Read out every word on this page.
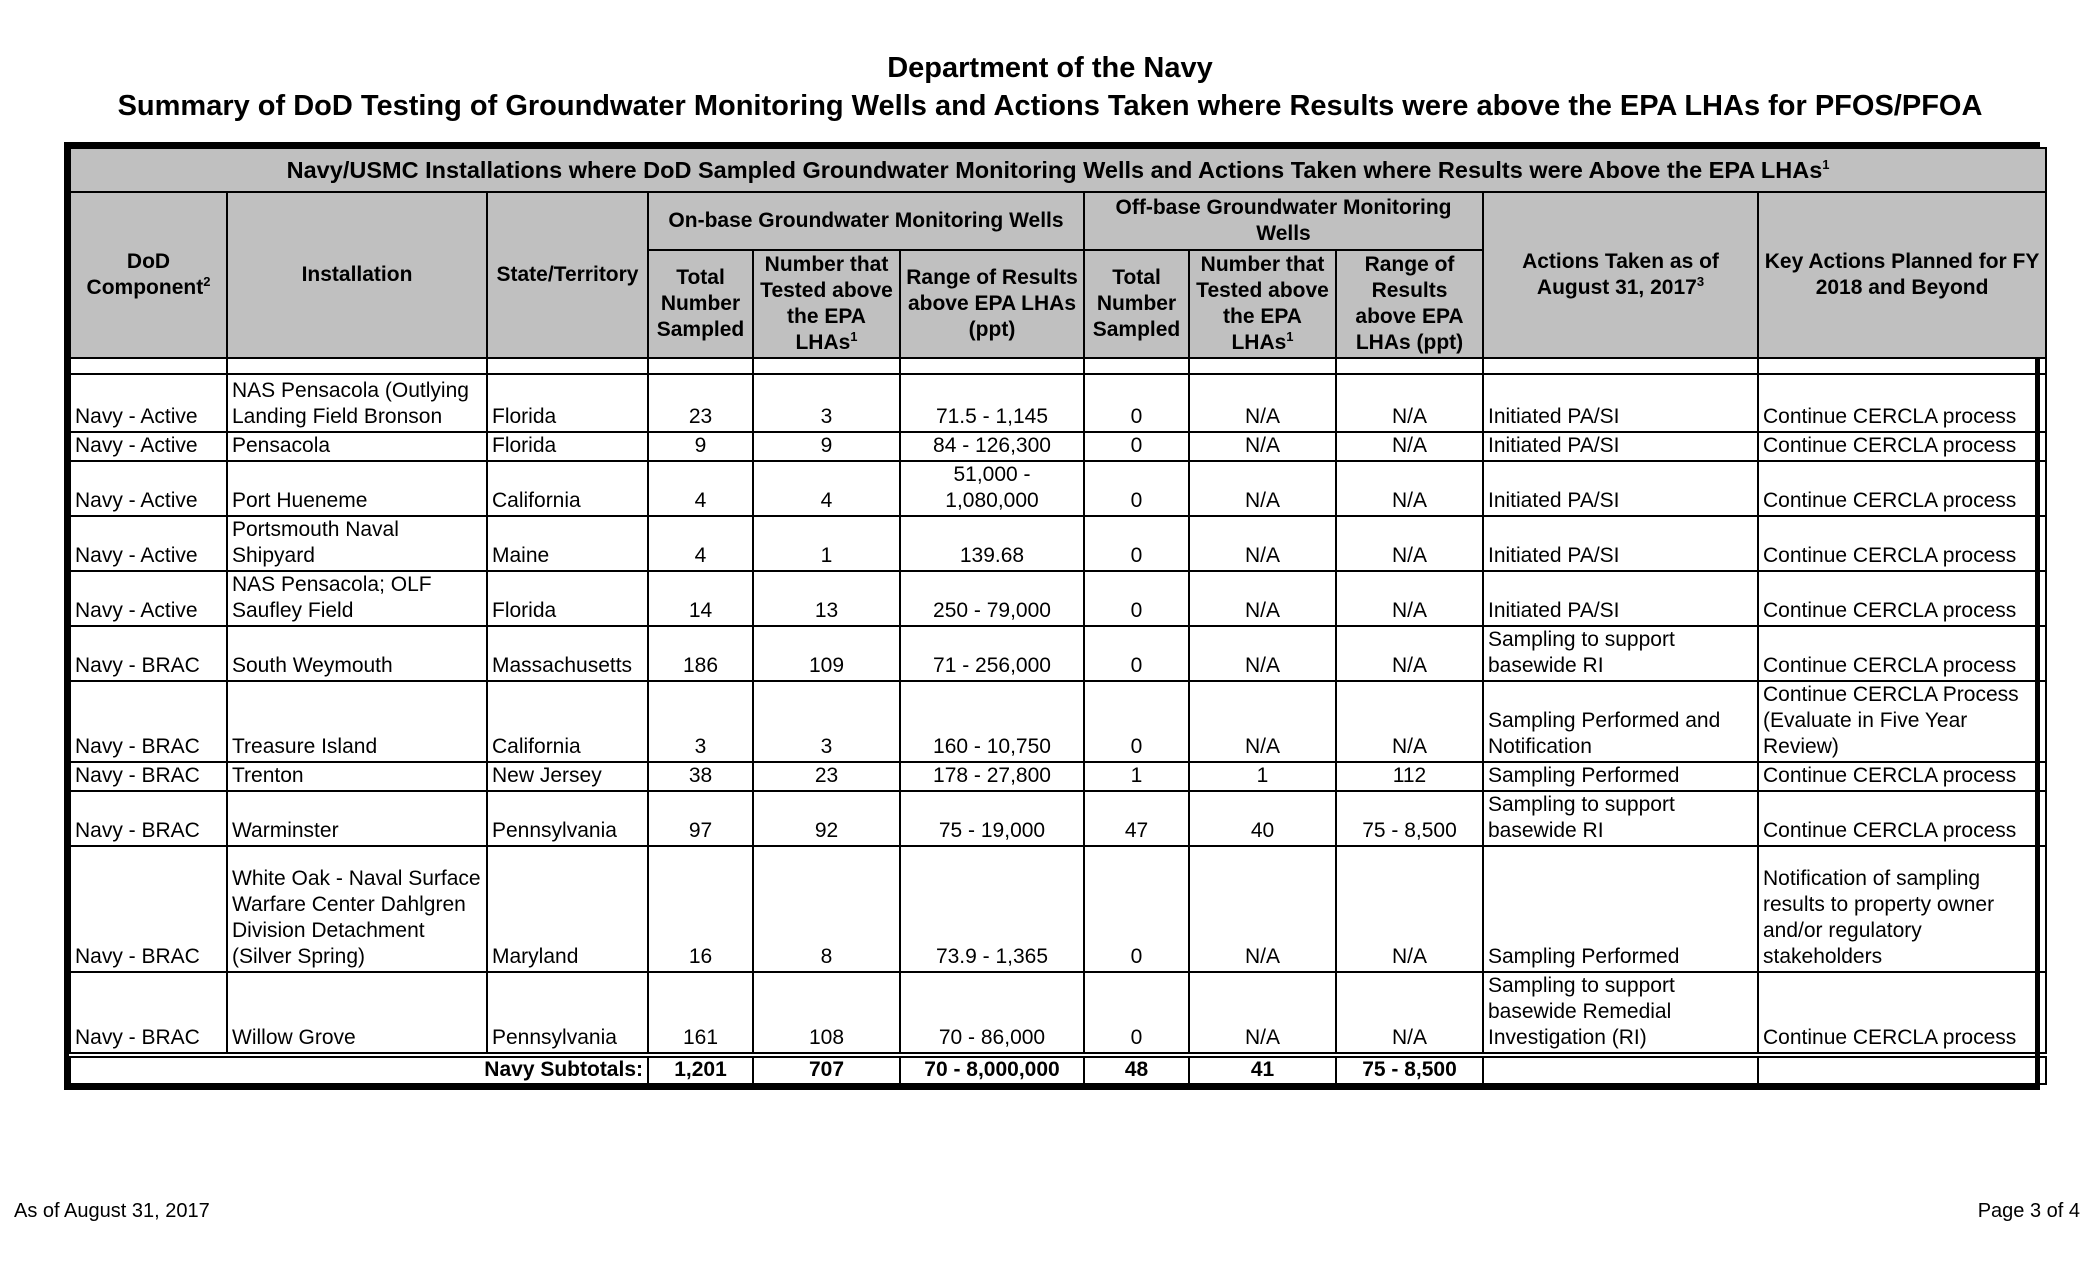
Department of the Navy
Summary of DoD Testing of Groundwater Monitoring Wells and Actions Taken where Results were above the EPA LHAs for PFOS/PFOA
Navy/USMC Installations where DoD Sampled Groundwater Monitoring Wells and Actions Taken where Results were Above the EPA LHAs$^1$
DoD Component$^2$	Installation	State/Territory	On-base Groundwater Monitoring Wells			Off-base Groundwater Monitoring Wells			Actions Taken as of August 31, 2017$^3$	Key Actions Planned for FY 2018 and Beyond
			Total Number Sampled	Number that Tested above the EPA LHAs$^1$	Range of Results above EPA LHAs (ppt)	Total Number Sampled	Number that Tested above the EPA LHAs$^1$	Range of Results above EPA LHAs (ppt)		

Navy - Active	NAS Pensacola (Outlying Landing Field Bronson	Florida	23	3	71.5 - 1,145	0	N/A	N/A	Initiated PA/SI	Continue CERCLA process
Navy - Active	Pensacola	Florida	9	9	84 - 126,300	0	N/A	N/A	Initiated PA/SI	Continue CERCLA process
Navy - Active	Port Hueneme	California	4	4	51,000 - 1,080,000	0	N/A	N/A	Initiated PA/SI	Continue CERCLA process
Navy - Active	Portsmouth Naval Shipyard	Maine	4	1	139.68	0	N/A	N/A	Initiated PA/SI	Continue CERCLA process
Navy - Active	NAS Pensacola; OLF Saufley Field	Florida	14	13	250 - 79,000	0	N/A	N/A	Initiated PA/SI	Continue CERCLA process
Navy - BRAC	South Weymouth	Massachusetts	186	109	71 - 256,000	0	N/A	N/A	Sampling to support basewide RI	Continue CERCLA process
Navy - BRAC	Treasure Island	California	3	3	160 - 10,750	0	N/A	N/A	Sampling Performed and Notification	Continue CERCLA Process (Evaluate in Five Year Review)
Navy - BRAC	Trenton	New Jersey	38	23	178 - 27,800	1	1	112	Sampling Performed	Continue CERCLA process
Navy - BRAC	Warminster	Pennsylvania	97	92	75 - 19,000	47	40	75 - 8,500	Sampling to support basewide RI	Continue CERCLA process
Navy - BRAC	White Oak - Naval Surface Warfare Center Dahlgren Division Detachment (Silver Spring)	Maryland	16	8	73.9 - 1,365	0	N/A	N/A	Sampling Performed	Notification of sampling results to property owner and/or regulatory stakeholders
Navy - BRAC	Willow Grove	Pennsylvania	161	108	70 - 86,000	0	N/A	N/A	Sampling to support basewide Remedial Investigation (RI)	Continue CERCLA process
Navy Subtotals:			1,201	707	70 - 8,000,000	48	41	75 - 8,500		
As of August 31, 2017	Page 3 of 4
